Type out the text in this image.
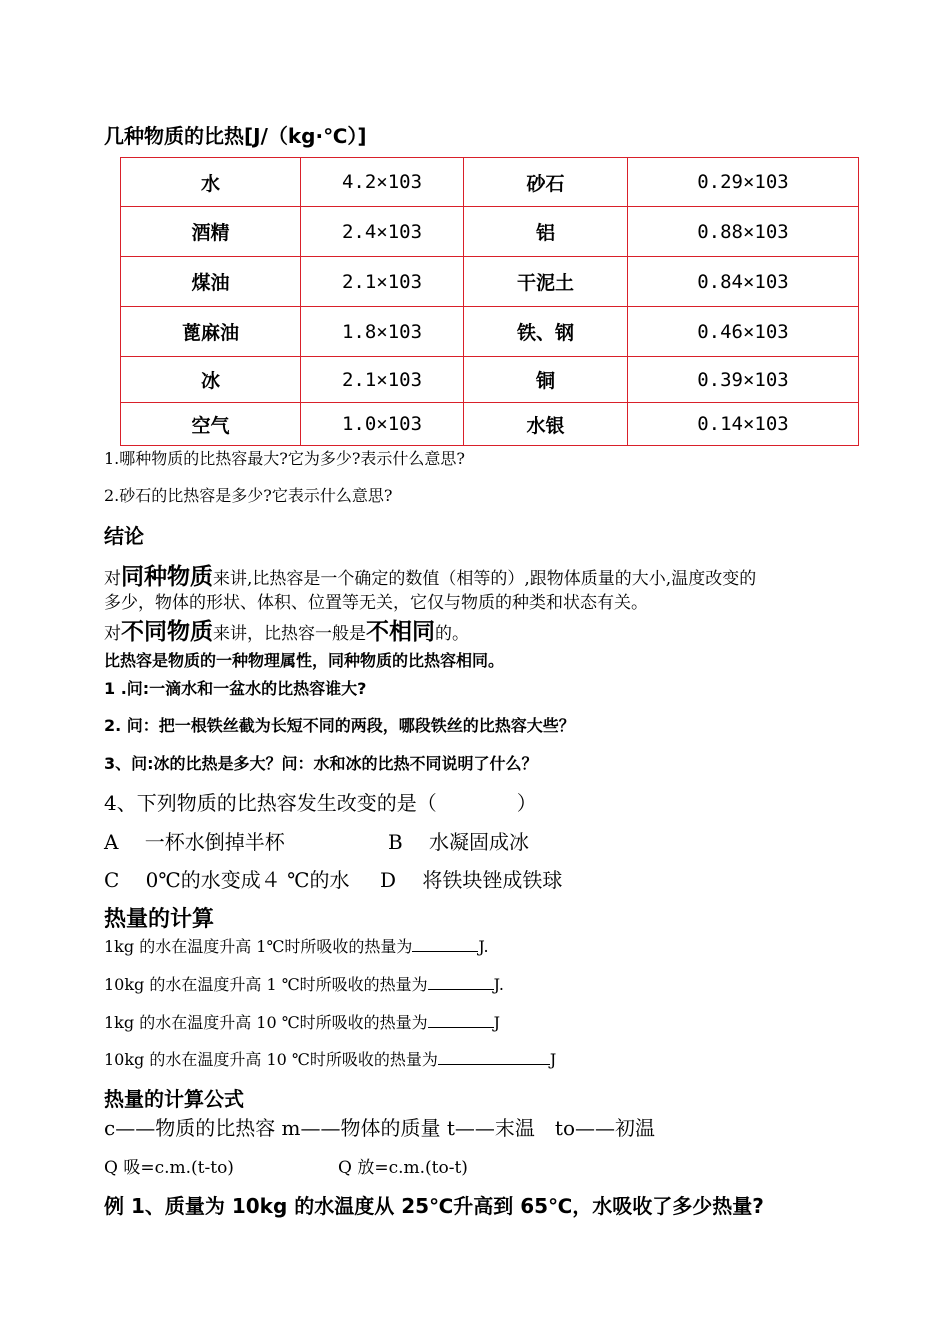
几种物质的比热[J/（kg·℃）]
水	4.2×103	砂石	0.29×103
酒精	2.4×103	铝	0.88×103
煤油	2.1×103	干泥土	0.84×103
蓖麻油	1.8×103	铁、钢	0.46×103
冰	2.1×103	铜	0.39×103
空气	1.0×103	水银	0.14×103
1.哪种物质的比热容最大?它为多少?表示什么意思?
2.砂石的比热容是多少?它表示什么意思?
结论
对同种物质来讲,比热容是一个确定的数值（相等的）,跟物体质量的大小,温度改变的
多少，物体的形状、体积、位置等无关，它仅与物质的种类和状态有关。
对不同物质来讲，比热容一般是不相同的。
比热容是物质的一种物理属性，同种物质的比热容相同。
1 .问:一滴水和一盆水的比热容谁大?
2. 问：把一根铁丝截为长短不同的两段，哪段铁丝的比热容大些？
3、问:冰的比热是多大？问：水和冰的比热不同说明了什么？
4、下列物质的比热容发生改变的是（　　　　）
A　 一杯水倒掉半杯	B　 水凝固成冰
C　 0℃的水变成４ ℃的水 D　 将铁块锉成铁球
热量的计算
1kg 的水在温度升高 1℃时所吸收的热量为	J.
10kg 的水在温度升高 1 ℃时所吸收的热量为	J.
1kg 的水在温度升高 10 ℃时所吸收的热量为	J
10kg 的水在温度升高 10 ℃时所吸收的热量为	J
热量的计算公式
c——物质的比热容 m——物体的质量 t——末温　to——初温
Q 吸=c.m.(t-to)	Q 放=c.m.(to-t)
例 1、质量为 10kg 的水温度从 25℃升高到 65℃，水吸收了多少热量?
